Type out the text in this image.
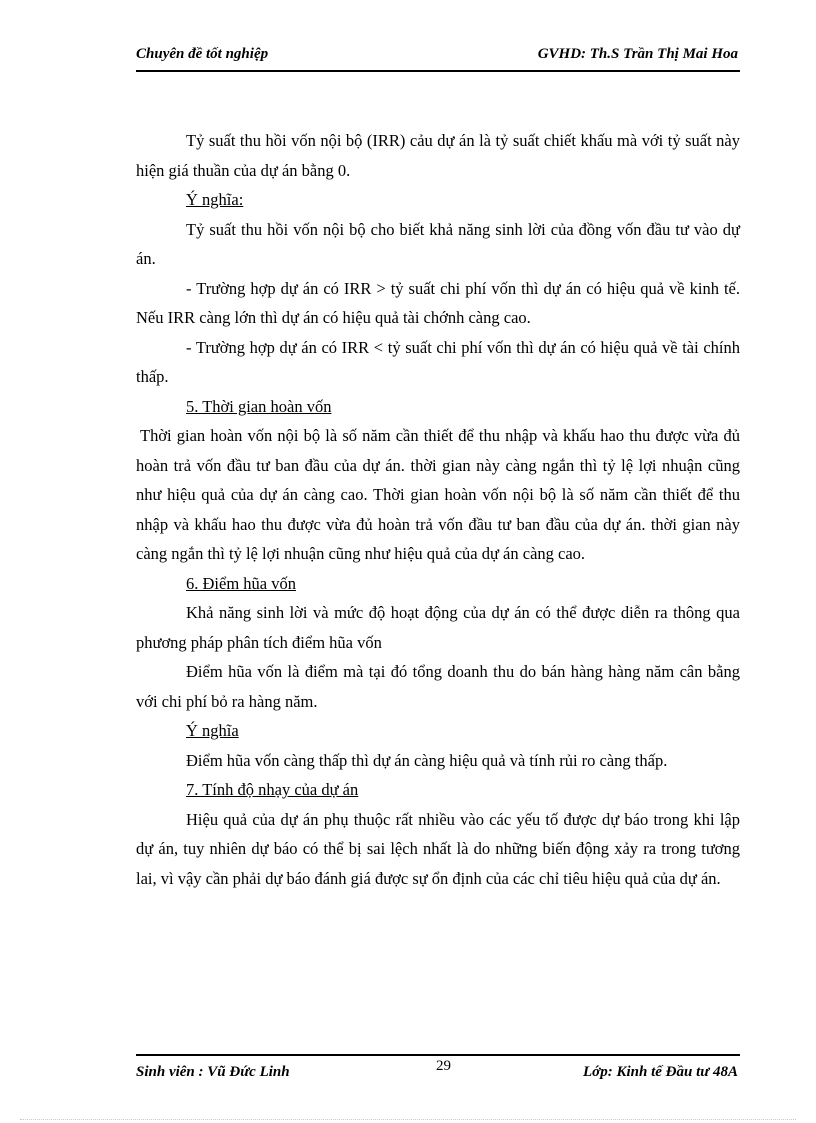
Chuyên đề tốt nghiệp	GVHD: Th.S Trần Thị Mai Hoa

Tỷ suất thu hồi vốn nội bộ (IRR) cảu dự án là tỷ suất chiết khấu mà với tỷ suất này hiện giá thuần của dự án bằng 0.

Ý nghĩa:

Tỷ suất thu hồi vốn nội bộ cho biết khả năng sinh lời của đồng vốn đầu tư vào dự án.

- Trường hợp dự án có IRR > tỷ suất chi phí vốn thì dự án có hiệu quả về kinh tế. Nếu IRR càng lớn thì dự án có hiệu quả tài chớnh càng cao.

- Trường hợp dự án có IRR < tỷ suất chi phí vốn thì dự án có hiệu quả về tài chính thấp.

5. Thời gian hoàn vốn

Thời gian hoàn vốn nội bộ là số năm cần thiết để thu nhập và khấu hao thu được vừa đủ hoàn trả vốn đầu tư ban đầu của dự án. thời gian này càng ngắn thì tỷ lệ lợi nhuận cũng như hiệu quả của dự án càng cao. Thời gian hoàn vốn nội bộ là số năm cần thiết để thu nhập và khấu hao thu được vừa đủ hoàn trả vốn đầu tư ban đầu của dự án. thời gian này càng ngắn thì tỷ lệ lợi nhuận cũng như hiệu quả của dự án càng cao.

6. Điểm hũa vốn

Khả năng sinh lời và mức độ hoạt động của dự án có thể được diễn ra thông qua phương pháp phân tích điểm hũa vốn

Điểm hũa vốn là điểm mà tại đó tổng doanh thu do bán hàng hàng năm cân bằng với chi phí bỏ ra hàng năm.

Ý nghĩa

Điểm hũa vốn càng thấp thì dự án càng hiệu quả và tính rủi ro càng thấp.

7. Tính độ nhạy của dự án

Hiệu quả của dự án phụ thuộc rất nhiều vào các yếu tố được dự báo trong khi lập dự án, tuy nhiên dự báo có thể bị sai lệch nhất là do những biến động xảy ra trong tương lai, vì vậy cần phải dự báo đánh giá được sự ổn định của các chỉ tiêu hiệu quả của dự án.

Sinh viên : Vũ Đức Linh	29	Lớp: Kinh tế Đầu tư 48A
